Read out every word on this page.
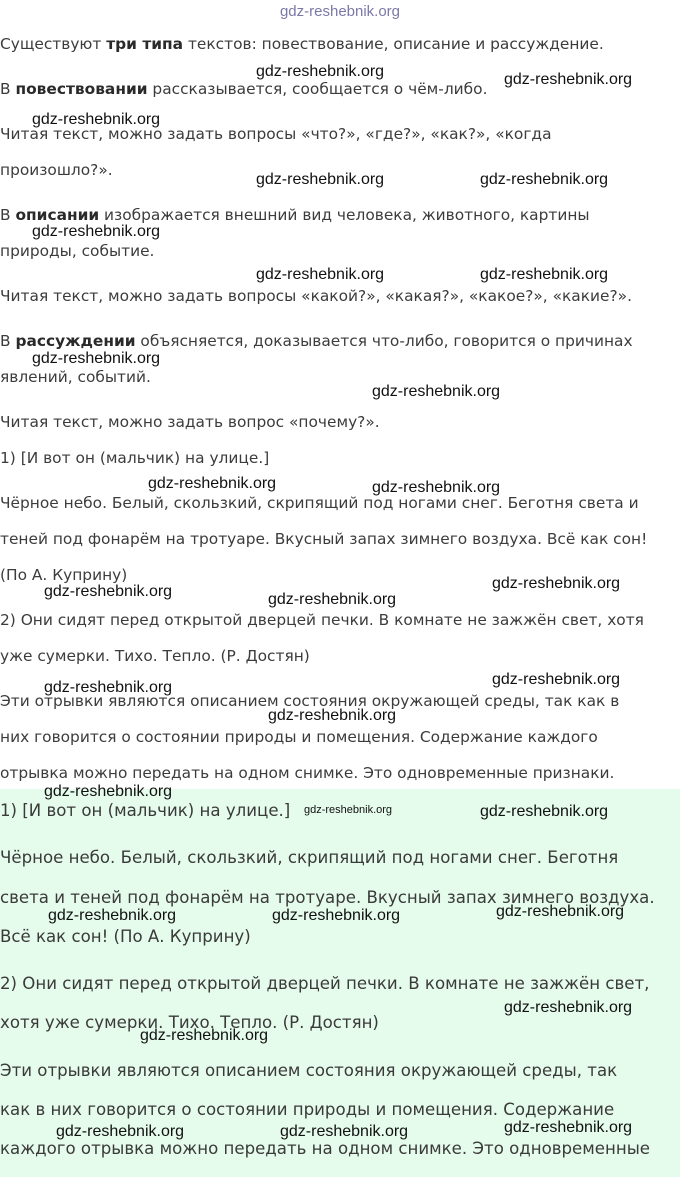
gdz-reshebnik.org
Существуют три типа текстов: повествование, описание и рассуждение.
В повествовании рассказывается, сообщается о чём-либо.
Читая текст, можно задать вопросы «что?», «где?», «как?», «когда
произошло?».
В описании изображается внешний вид человека, животного, картины
природы, событие.
Читая текст, можно задать вопросы «какой?», «какая?», «какое?», «какие?».
В рассуждении объясняется, доказывается что-либо, говорится о причинах
явлений, событий.
Читая текст, можно задать вопрос «почему?».
1) [И вот он (мальчик) на улице.]
Чёрное небо. Белый, скользкий, скрипящий под ногами снег. Беготня света и
теней под фонарём на тротуаре. Вкусный запах зимнего воздуха. Всё как сон!
(По А. Куприну)
2) Они сидят перед открытой дверцей печки. В комнате не зажжён свет, хотя
уже сумерки. Тихо. Тепло. (Р. Достян)
Эти отрывки являются описанием состояния окружающей среды, так как в
них говорится о состоянии природы и помещения. Содержание каждого
отрывка можно передать на одном снимке. Это одновременные признаки.
1) [И вот он (мальчик) на улице.]
Чёрное небо. Белый, скользкий, скрипящий под ногами снег. Беготня
света и теней под фонарём на тротуаре. Вкусный запах зимнего воздуха.
Всё как сон! (По А. Куприну)
2) Они сидят перед открытой дверцей печки. В комнате не зажжён свет,
хотя уже сумерки. Тихо. Тепло. (Р. Достян)
Эти отрывки являются описанием состояния окружающей среды, так
как в них говорится о состоянии природы и помещения. Содержание
каждого отрывка можно передать на одном снимке. Это одновременные
gdz-reshebnik.org	gdz-reshebnik.org
gdz-reshebnik.org
gdz-reshebnik.org	gdz-reshebnik.org
gdz-reshebnik.org
gdz-reshebnik.org	gdz-reshebnik.org
gdz-reshebnik.org
gdz-reshebnik.org
gdz-reshebnik.org	gdz-reshebnik.org
gdz-reshebnik.org	gdz-reshebnik.org
gdz-reshebnik.org
gdz-reshebnik.org
gdz-reshebnik.org
gdz-reshebnik.org
gdz-reshebnik.org
gdz-reshebnik.org	gdz-reshebnik.org
gdz-reshebnik.org	gdz-reshebnik.org	gdz-reshebnik.org
gdz-reshebnik.org
gdz-reshebnik.org
gdz-reshebnik.org	gdz-reshebnik.org	gdz-reshebnik.org
